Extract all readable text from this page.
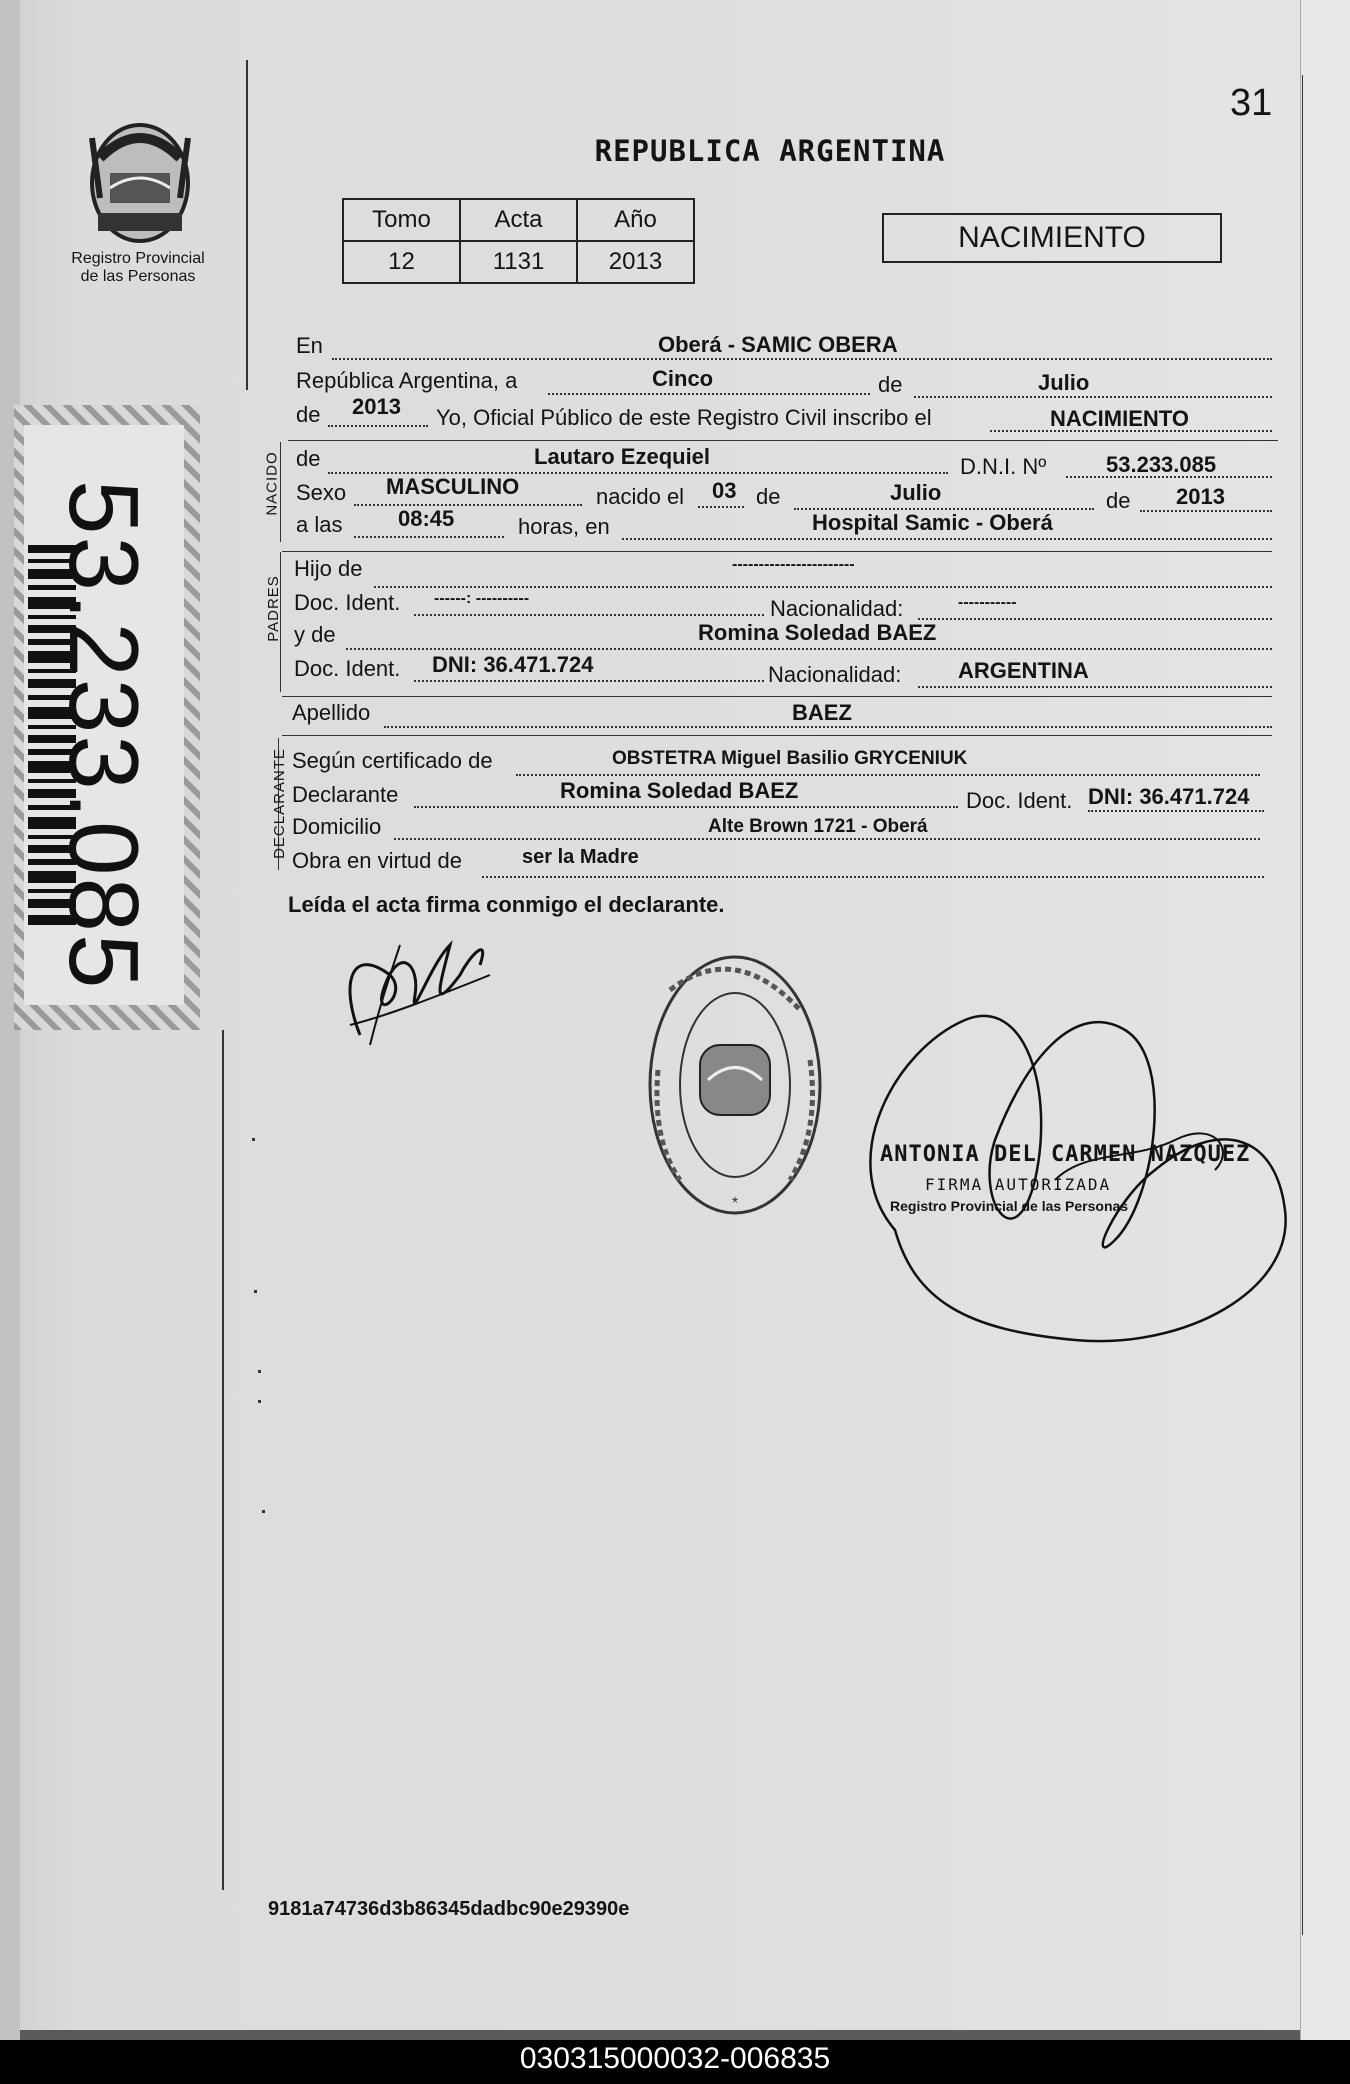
Registro Provincial
de las Personas
53.233.085
31
REPUBLICA ARGENTINA
Tomo	Acta	Año
12	1131	2013
NACIMIENTO
En	Oberá - SAMIC OBERA
República Argentina, a	Cinco	de	Julio
de 2013 Yo, Oficial Público de este Registro Civil inscribo el	NACIMIENTO
NACIDO de	Lautaro Ezequiel	D.N.I. Nº	53.233.085
Sexo MASCULINO	nacido el 03 de	Julio	de 2013
a las	08:45	horas, en	Hospital Samic - Oberá
PADRES
Hijo de	-----------------------
Doc. Ident. ------: ----------	Nacionalidad:	-----------
y de	Romina Soledad BAEZ
Doc. Ident. DNI: 36.471.724	Nacionalidad:	ARGENTINA
Apellido	BAEZ
DECLARANTE Según certificado de	OBSTETRA Miguel Basilio GRYCENIUK
Declarante	Romina Soledad BAEZ	Doc. Ident. DNI: 36.471.724
Domicilio	Alte Brown 1721 - Oberá
Obra en virtud de	ser la Madre
Leída el acta firma conmigo el declarante.
*
ANTONIA DEL CARMEN NAZQUEZ
FIRMA AUTORIZADA
Registro Provincial de las Personas
9181a74736d3b86345dadbc90e29390e
030315000032-006835
